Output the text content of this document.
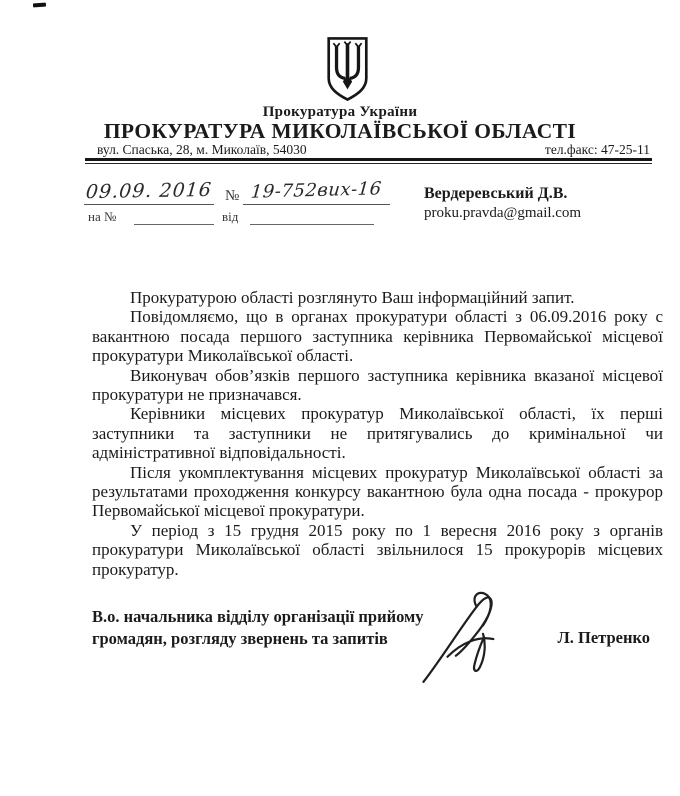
Прокуратура України
ПРОКУРАТУРА МИКОЛАЇВСЬКОЇ ОБЛАСТІ
вул. Спаська, 28, м. Миколаїв, 54030	тел.факс: 47-25-11
09.09. 2016 № 19-752вих-16
на №	від
Вердеревський Д.В.
proku.pravda@gmail.com

Прокуратурою області розглянуто Ваш інформаційний запит.

Повідомляємо, що в органах прокуратури області з 06.09.2016 року с вакантною посада першого заступника керівника Первомайської місцевої прокуратури Миколаївської області.

Виконувач обов’язків першого заступника керівника вказаної місцевої прокуратури не призначався.

Керівники місцевих прокуратур Миколаївської області, їх перші заступники та заступники не притягувались до кримінальної чи адміністративної відповідальності.

Після укомплектування місцевих прокуратур Миколаївської області за результатами проходження конкурсу вакантною була одна посада - прокурор Первомайської місцевої прокуратури.

У період з 15 грудня 2015 року по 1 вересня 2016 року з органів прокуратури Миколаївської області звільнилося 15 прокурорів місцевих прокуратур.

В.о. начальника відділу організації прийому
громадян, розгляду звернень та запитів	Л. Петренко
